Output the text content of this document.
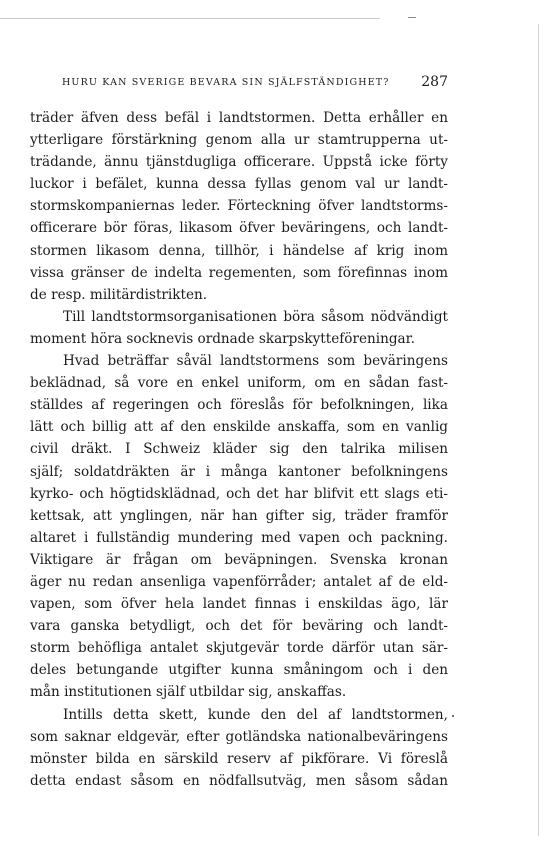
HURU KAN SVERIGE BEVARA SIN SJÄLFSTÄNDIGHET? 287
träder äfven dess befäl i landtstormen. Detta erhåller en
ytterligare förstärkning genom alla ur stamtrupperna ut-
trädande, ännu tjänstdugliga officerare. Uppstå icke förty
luckor i befälet, kunna dessa fyllas genom val ur landt-
stormskompaniernas leder. Förteckning öfver landtstorms-
officerare bör föras, likasom öfver beväringens, och landt-
stormen likasom denna, tillhör, i händelse af krig inom
vissa gränser de indelta regementen, som förefinnas inom
de resp. militärdistrikten.
Till landtstormsorganisationen böra såsom nödvändigt
moment höra socknevis ordnade skarpskytteföreningar.
Hvad beträffar såväl landtstormens som beväringens
beklädnad, så vore en enkel uniform, om en sådan fast-
ställdes af regeringen och föreslås för befolkningen, lika
lätt och billig att af den enskilde anskaffa, som en vanlig
civil dräkt. I Schweiz kläder sig den talrika milisen
själf; soldatdräkten är i många kantoner befolkningens
kyrko- och högtidsklädnad, och det har blifvit ett slags eti-
kettsak, att ynglingen, när han gifter sig, träder framför
altaret i fullständig mundering med vapen och packning.
Viktigare är frågan om beväpningen. Svenska kronan
äger nu redan ansenliga vapenförråder; antalet af de eld-
vapen, som öfver hela landet finnas i enskildas ägo, lär
vara ganska betydligt, och det för beväring och landt-
storm behöfliga antalet skjutgevär torde därför utan sär-
deles betungande utgifter kunna småningom och i den
mån institutionen själf utbildar sig, anskaffas.
Intills detta skett, kunde den del af landtstormen,
som saknar eldgevär, efter gotländska nationalbeväringens
mönster bilda en särskild reserv af pikförare. Vi föreslå
detta endast såsom en nödfallsutväg, men såsom sådan
